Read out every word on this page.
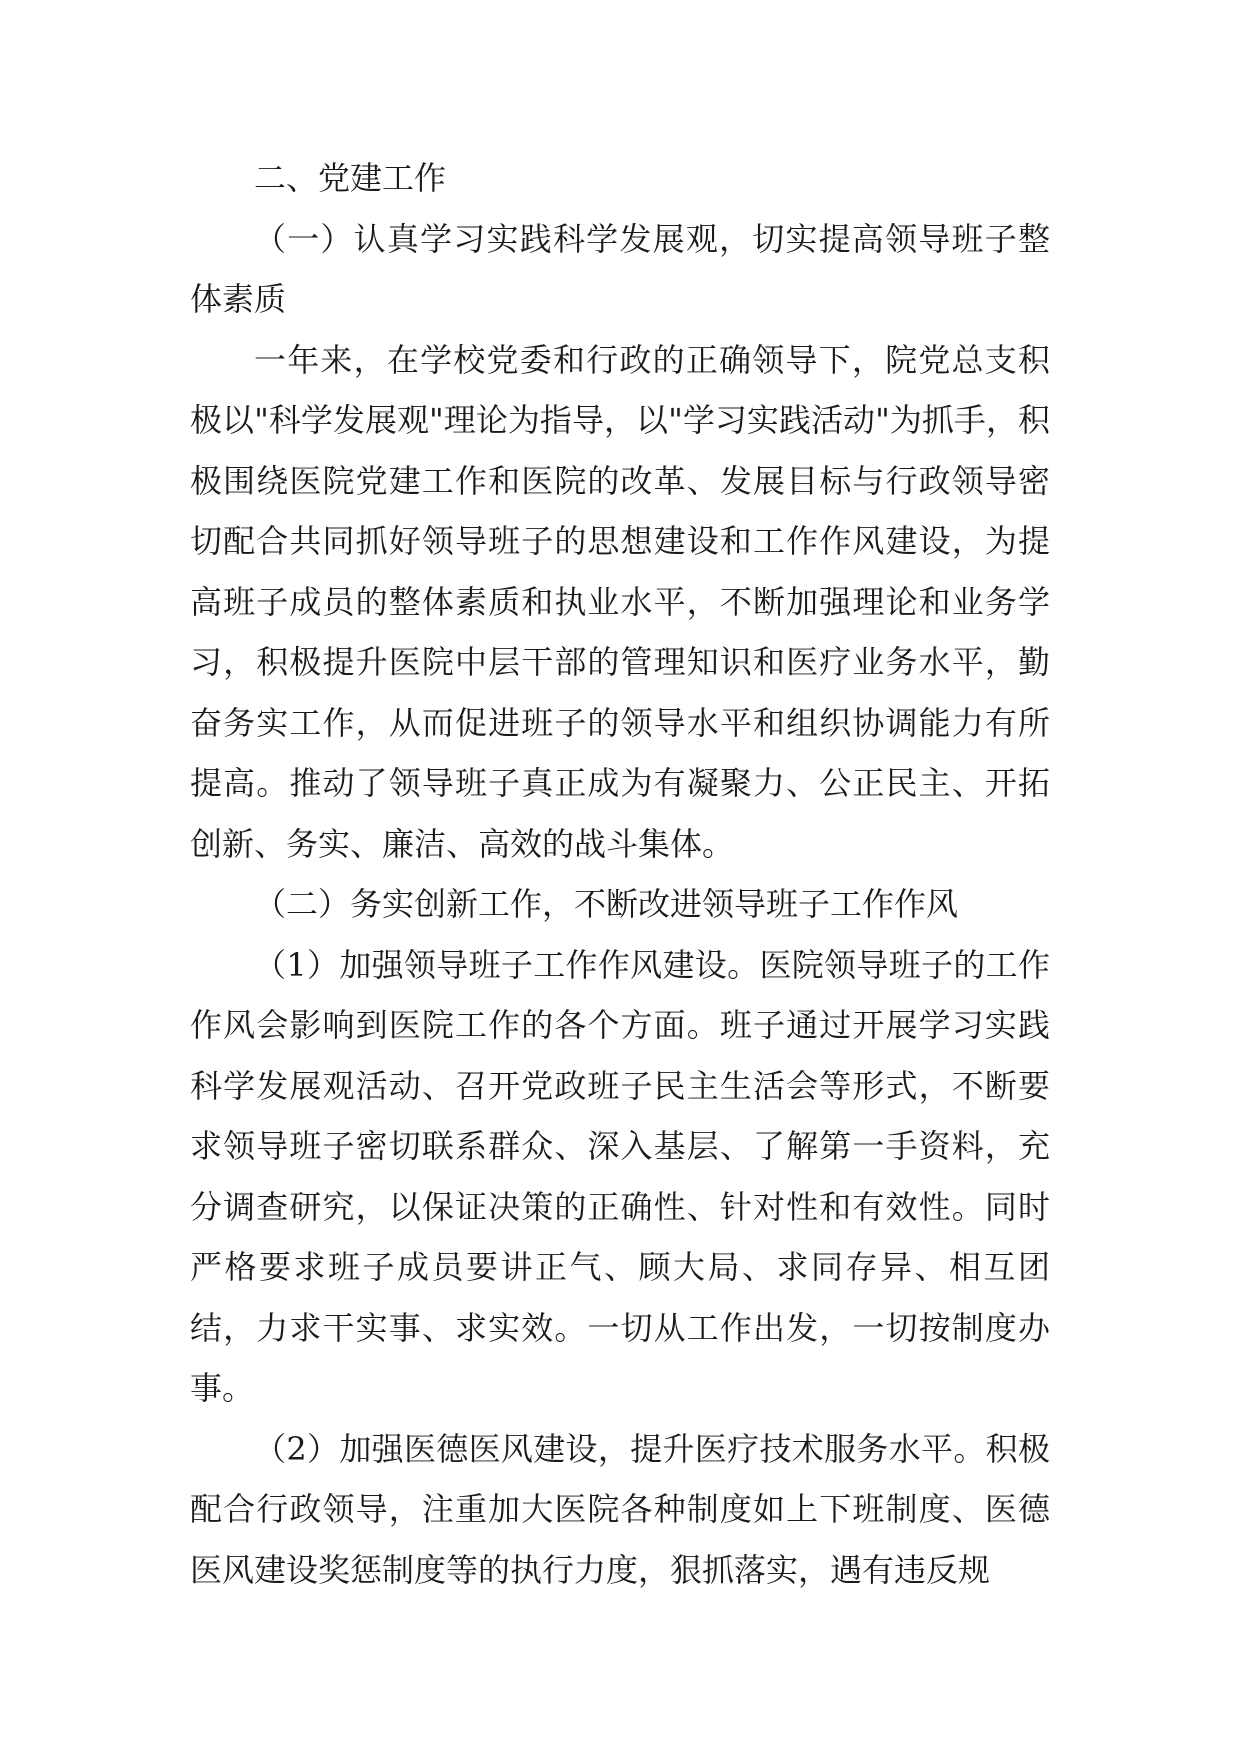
二、党建工作

（一）认真学习实践科学发展观，切实提高领导班子整体素质

一年来，在学校党委和行政的正确领导下，院党总支积极以"科学发展观"理论为指导，以"学习实践活动"为抓手，积极围绕医院党建工作和医院的改革、发展目标与行政领导密切配合共同抓好领导班子的思想建设和工作作风建设，为提高班子成员的整体素质和执业水平，不断加强理论和业务学习，积极提升医院中层干部的管理知识和医疗业务水平，勤奋务实工作，从而促进班子的领导水平和组织协调能力有所提高。推动了领导班子真正成为有凝聚力、公正民主、开拓创新、务实、廉洁、高效的战斗集体。

（二）务实创新工作，不断改进领导班子工作作风

（1）加强领导班子工作作风建设。医院领导班子的工作作风会影响到医院工作的各个方面。班子通过开展学习实践科学发展观活动、召开党政班子民主生活会等形式，不断要求领导班子密切联系群众、深入基层、了解第一手资料，充分调查研究，以保证决策的正确性、针对性和有效性。同时严格要求班子成员要讲正气、顾大局、求同存异、相互团结，力求干实事、求实效。一切从工作出发，一切按制度办事。

（2）加强医德医风建设，提升医疗技术服务水平。积极配合行政领导，注重加大医院各种制度如上下班制度、医德医风建设奖惩制度等的执行力度，狠抓落实，遇有违反规
